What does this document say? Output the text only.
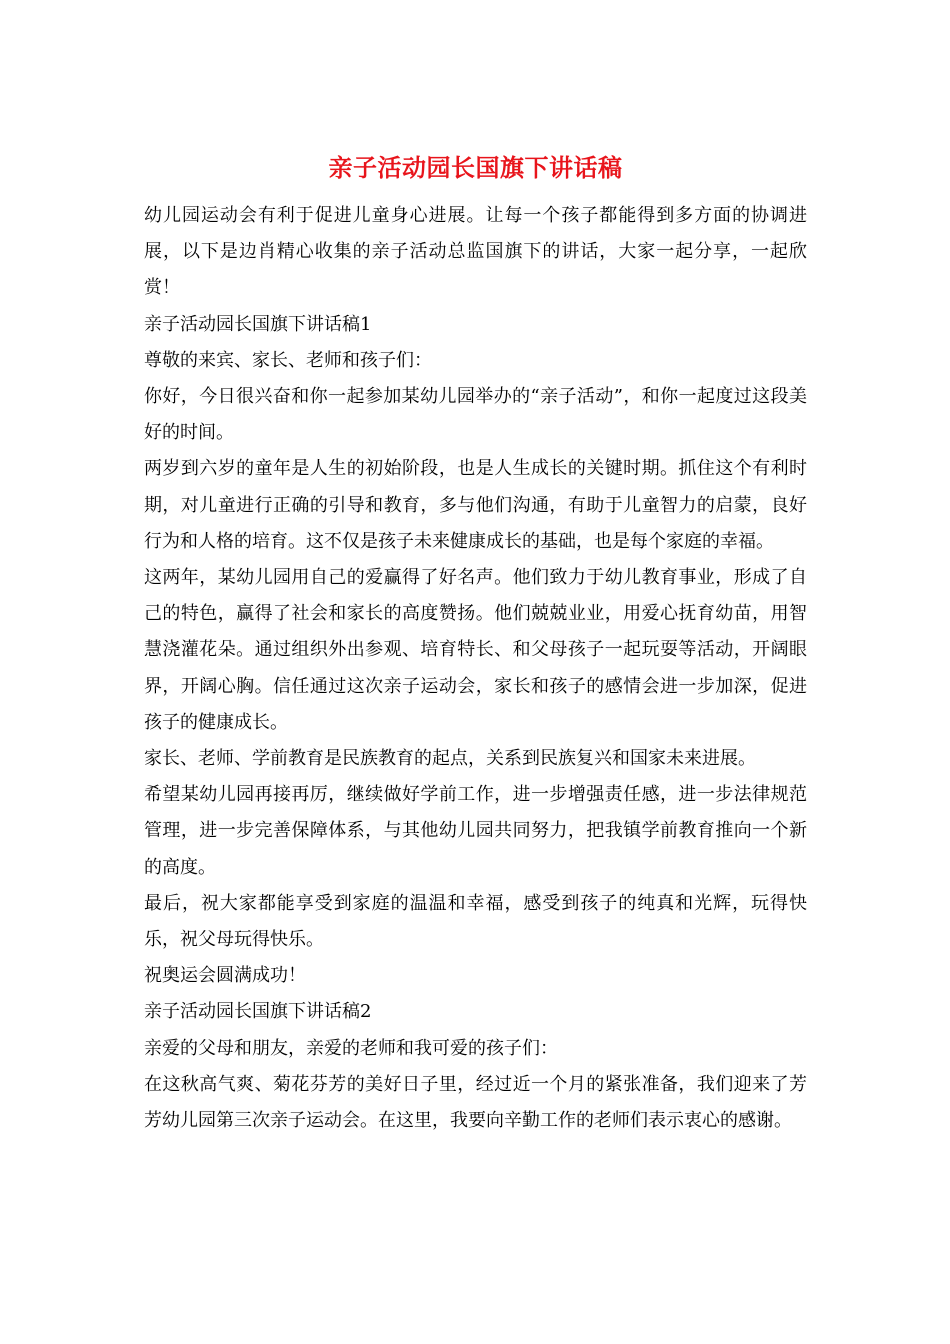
亲子活动园长国旗下讲话稿

幼儿园运动会有利于促进儿童身心进展。让每一个孩子都能得到多方面的协调进展，以下是边肖精心收集的亲子活动总监国旗下的讲话，大家一起分享，一起欣赏！

亲子活动园长国旗下讲话稿1

尊敬的来宾、家长、老师和孩子们：

你好，今日很兴奋和你一起参加某幼儿园举办的“亲子活动”，和你一起度过这段美好的时间。

两岁到六岁的童年是人生的初始阶段，也是人生成长的关键时期。抓住这个有利时期，对儿童进行正确的引导和教育，多与他们沟通，有助于儿童智力的启蒙，良好行为和人格的培育。这不仅是孩子未来健康成长的基础，也是每个家庭的幸福。

这两年，某幼儿园用自己的爱赢得了好名声。他们致力于幼儿教育事业，形成了自己的特色，赢得了社会和家长的高度赞扬。他们兢兢业业，用爱心抚育幼苗，用智慧浇灌花朵。通过组织外出参观、培育特长、和父母孩子一起玩耍等活动，开阔眼界，开阔心胸。信任通过这次亲子运动会，家长和孩子的感情会进一步加深，促进孩子的健康成长。

家长、老师、学前教育是民族教育的起点，关系到民族复兴和国家未来进展。

希望某幼儿园再接再厉，继续做好学前工作，进一步增强责任感，进一步法律规范管理，进一步完善保障体系，与其他幼儿园共同努力，把我镇学前教育推向一个新的高度。

最后，祝大家都能享受到家庭的温温和幸福，感受到孩子的纯真和光辉，玩得快乐，祝父母玩得快乐。

祝奥运会圆满成功！

亲子活动园长国旗下讲话稿2

亲爱的父母和朋友，亲爱的老师和我可爱的孩子们：

在这秋高气爽、菊花芬芳的美好日子里，经过近一个月的紧张准备，我们迎来了芳芳幼儿园第三次亲子运动会。在这里，我要向辛勤工作的老师们表示衷心的感谢。
